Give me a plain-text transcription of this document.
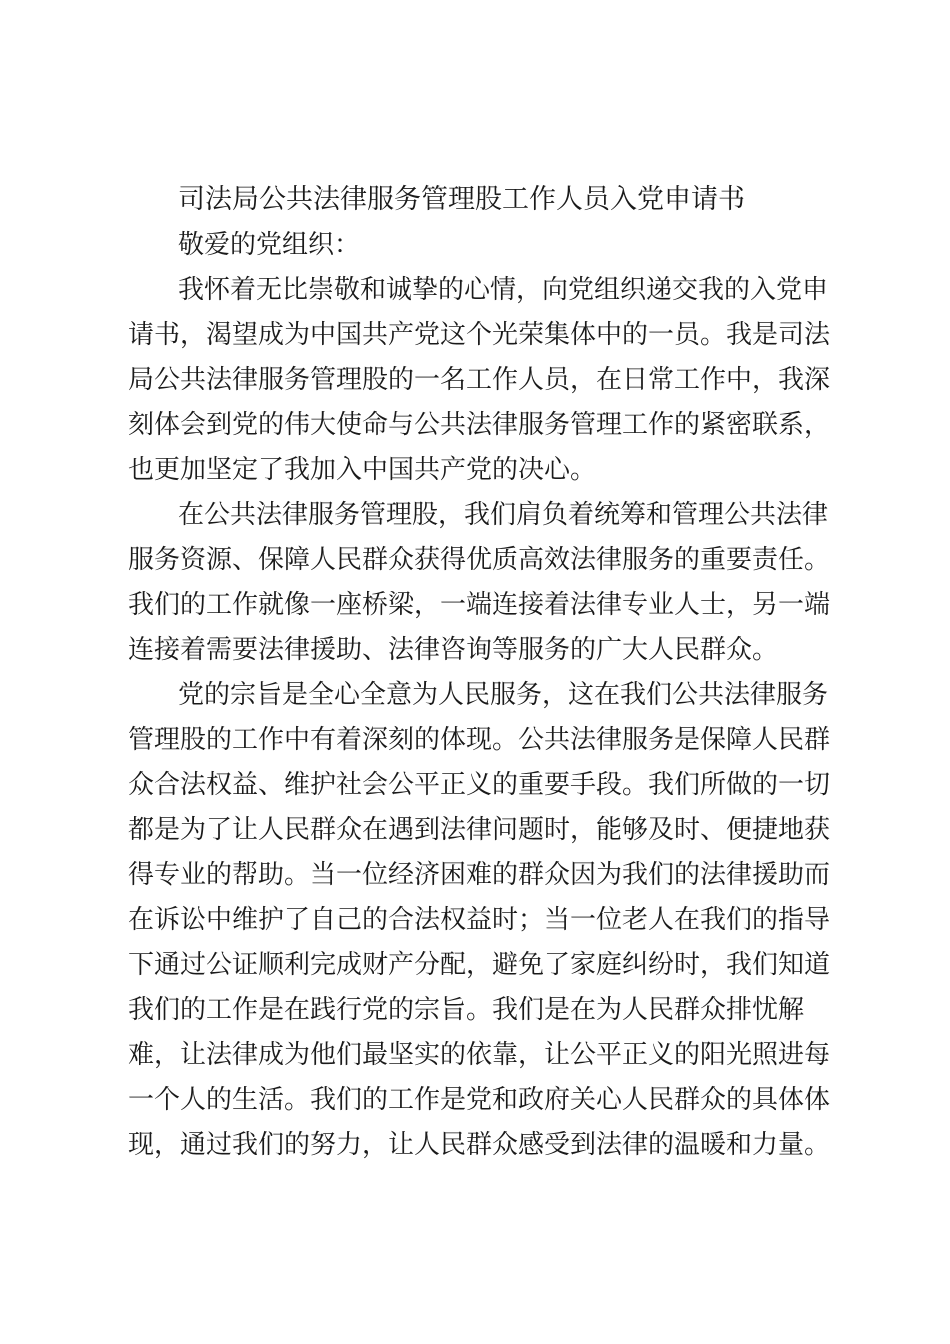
司法局公共法律服务管理股工作人员入党申请书
敬爱的党组织：
我怀着无比崇敬和诚挚的心情，向党组织递交我的入党申
请书，渴望成为中国共产党这个光荣集体中的一员。我是司法
局公共法律服务管理股的一名工作人员，在日常工作中，我深
刻体会到党的伟大使命与公共法律服务管理工作的紧密联系，
也更加坚定了我加入中国共产党的决心。
在公共法律服务管理股，我们肩负着统筹和管理公共法律
服务资源、保障人民群众获得优质高效法律服务的重要责任。
我们的工作就像一座桥梁，一端连接着法律专业人士，另一端
连接着需要法律援助、法律咨询等服务的广大人民群众。
党的宗旨是全心全意为人民服务，这在我们公共法律服务
管理股的工作中有着深刻的体现。公共法律服务是保障人民群
众合法权益、维护社会公平正义的重要手段。我们所做的一切
都是为了让人民群众在遇到法律问题时，能够及时、便捷地获
得专业的帮助。当一位经济困难的群众因为我们的法律援助而
在诉讼中维护了自己的合法权益时；当一位老人在我们的指导
下通过公证顺利完成财产分配，避免了家庭纠纷时，我们知道
我们的工作是在践行党的宗旨。我们是在为人民群众排忧解
难，让法律成为他们最坚实的依靠，让公平正义的阳光照进每
一个人的生活。我们的工作是党和政府关心人民群众的具体体
现，通过我们的努力，让人民群众感受到法律的温暖和力量。
